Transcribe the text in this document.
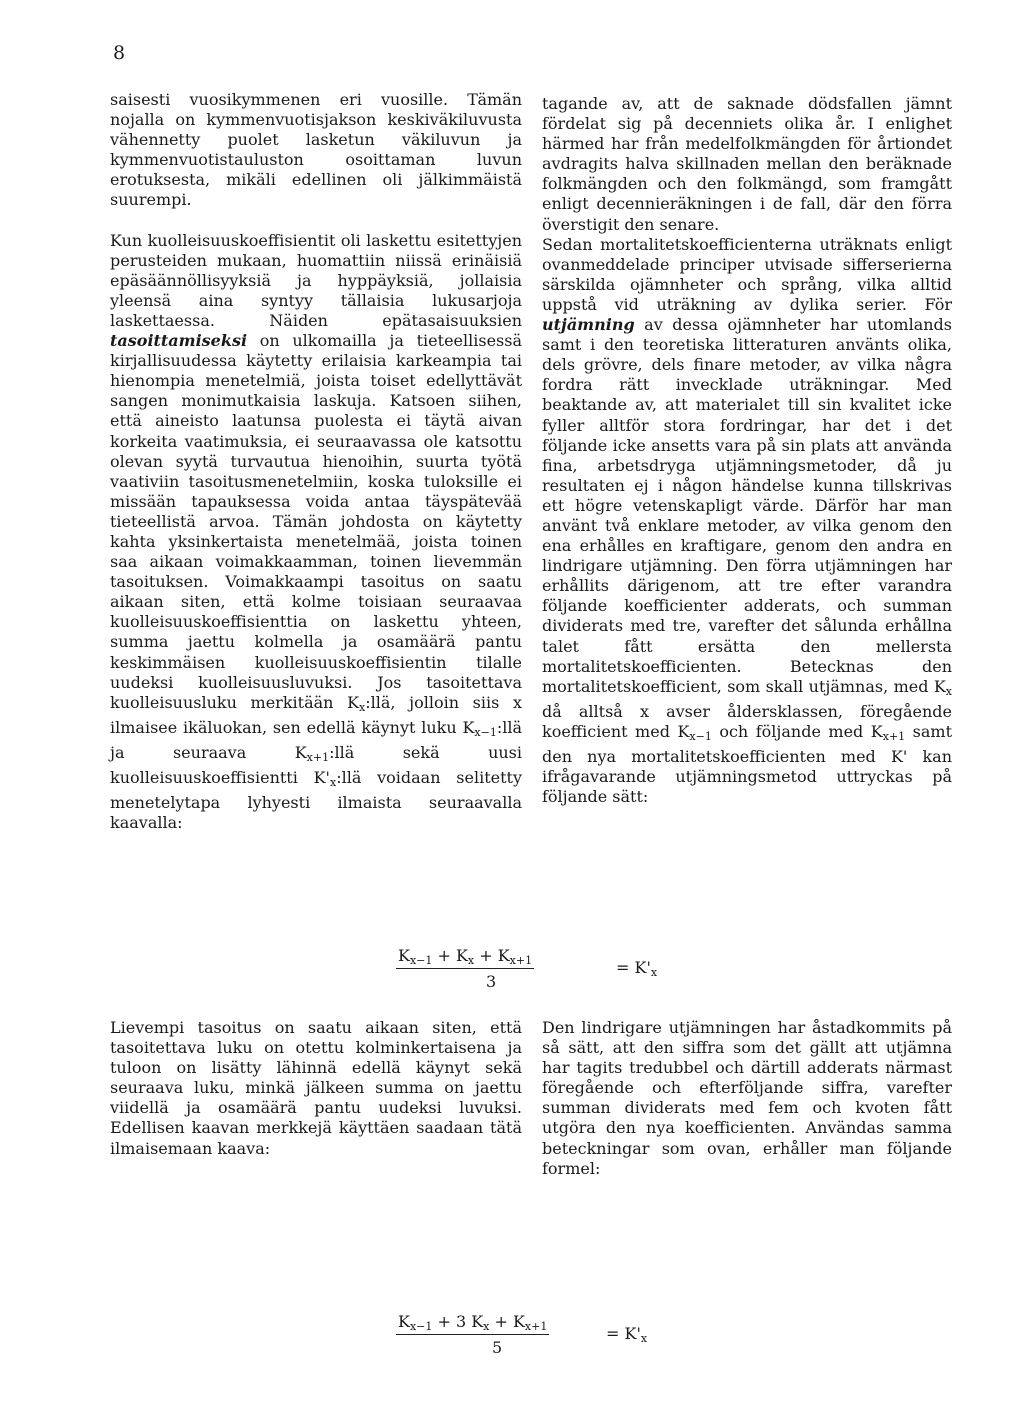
8

saisesti vuosikymmenen eri vuosille. Tämän nojalla on kymmenvuotisjakson keskiväkiluvusta vähennetty puolet lasketun väkiluvun ja kymmenvuotistauluston osoittaman luvun erotuksesta, mikäli edellinen oli jälkimmäistä suurempi.

Kun kuolleisuuskoeffisientit oli laskettu esitettyjen perusteiden mukaan, huomattiin niissä erinäisiä epäsäännöllisyyksiä ja hyppäyksiä, jollaisia yleensä aina syntyy tällaisia lukusarjoja laskettaessa. Näiden epätasaisuuksien tasoittamiseksi on ulkomailla ja tieteellisessä kirjallisuudessa käytetty erilaisia karkeampia tai hienompia menetelmiä, joista toiset edellyttävät sangen monimutkaisia laskuja. Katsoen siihen, että aineisto laatunsa puolesta ei täytä aivan korkeita vaatimuksia, ei seuraavassa ole katsottu olevan syytä turvautua hienoihin, suurta työtä vaativiin tasoitusmenetelmiin, koska tuloksille ei missään tapauksessa voida antaa täyspätevää tieteellistä arvoa. Tämän johdosta on käytetty kahta yksinkertaista menetelmää, joista toinen saa aikaan voimakkaamman, toinen lievemmän tasoituksen. Voimakkaampi tasoitus on saatu aikaan siten, että kolme toisiaan seuraavaa kuolleisuuskoeffisienttia on laskettu yhteen, summa jaettu kolmella ja osamäärä pantu keskimmäisen kuolleisuuskoeffisientin tilalle uudeksi kuolleisuusluvuksi. Jos tasoitettava kuolleisuusluku merkitään $K_x:llä$, jolloin siis x ilmaisee ikäluokan, sen edellä käynyt luku $K_{x-1}:llä$ ja seuraava $K_{x+1}:llä$ sekä uusi kuolleisuuskoeffisientti $K'_x:llä$ voidaan selitetty menetelytapa lyhyesti ilmaista seuraavalla kaavalla:

tagande av, att de saknade dödsfallen jämnt fördelat sig på decenniets olika år. I enlighet härmed har från medelfolkmängden för årtiondet avdragits halva skillnaden mellan den beräknade folkmängden och den folkmängd, som framgått enligt decennieräkningen i de fall, där den förra överstigit den senare.

Sedan mortalitetskoefficienterna uträknats enligt ovanmeddelade principer utvisade sifferserierna särskilda ojämnheter och språng, vilka alltid uppstå vid uträkning av dylika serier. För utjämning av dessa ojämnheter har utomlands samt i den teoretiska litteraturen använts olika, dels grövre, dels finare metoder, av vilka några fordra rätt invecklade uträkningar. Med beaktande av, att materialet till sin kvalitet icke fyller alltför stora fordringar, har det i det följande icke ansetts vara på sin plats att använda fina, arbetsdryga utjämningsmetoder, då ju resultaten ej i någon händelse kunna tillskrivas ett högre vetenskapligt värde. Därför har man använt två enklare metoder, av vilka genom den ena erhålles en kraftigare, genom den andra en lindrigare utjämning. Den förra utjämningen har erhållits därigenom, att tre efter varandra följande koefficienter adderats, och summan dividerats med tre, varefter det sålunda erhållna talet fått ersätta den mellersta mortalitetskoefficienten. Betecknas den mortalitetskoefficient, som skall utjämnas, med $K_x$ då alltså x avser åldersklassen, föregående koefficient med $K_{x-1}$ och följande med $K_{x+1}$ samt den nya mortalitetskoefficienten med K' kan ifrågavarande utjämningsmetod uttryckas på följande sätt:

$K_{x-1} + K_x + K_{x+1}$
3
= $K'_x$

Lievempi tasoitus on saatu aikaan siten, että tasoitettava luku on otettu kolminkertaisena ja tuloon on lisätty lähinnä edellä käynyt sekä seuraava luku, minkä jälkeen summa on jaettu viidellä ja osamäärä pantu uudeksi luvuksi. Edellisen kaavan merkkejä käyttäen saadaan tätä ilmaisemaan kaava:

Den lindrigare utjämningen har åstadkommits på så sätt, att den siffra som det gällt att utjämna har tagits tredubbel och därtill adderats närmast föregående och efterföljande siffra, varefter summan dividerats med fem och kvoten fått utgöra den nya koefficienten. Användas samma beteckningar som ovan, erhåller man följande formel:

$K_{x-1} + 3$ $K_x + K_{x+1}$
5
= $K'_x$
